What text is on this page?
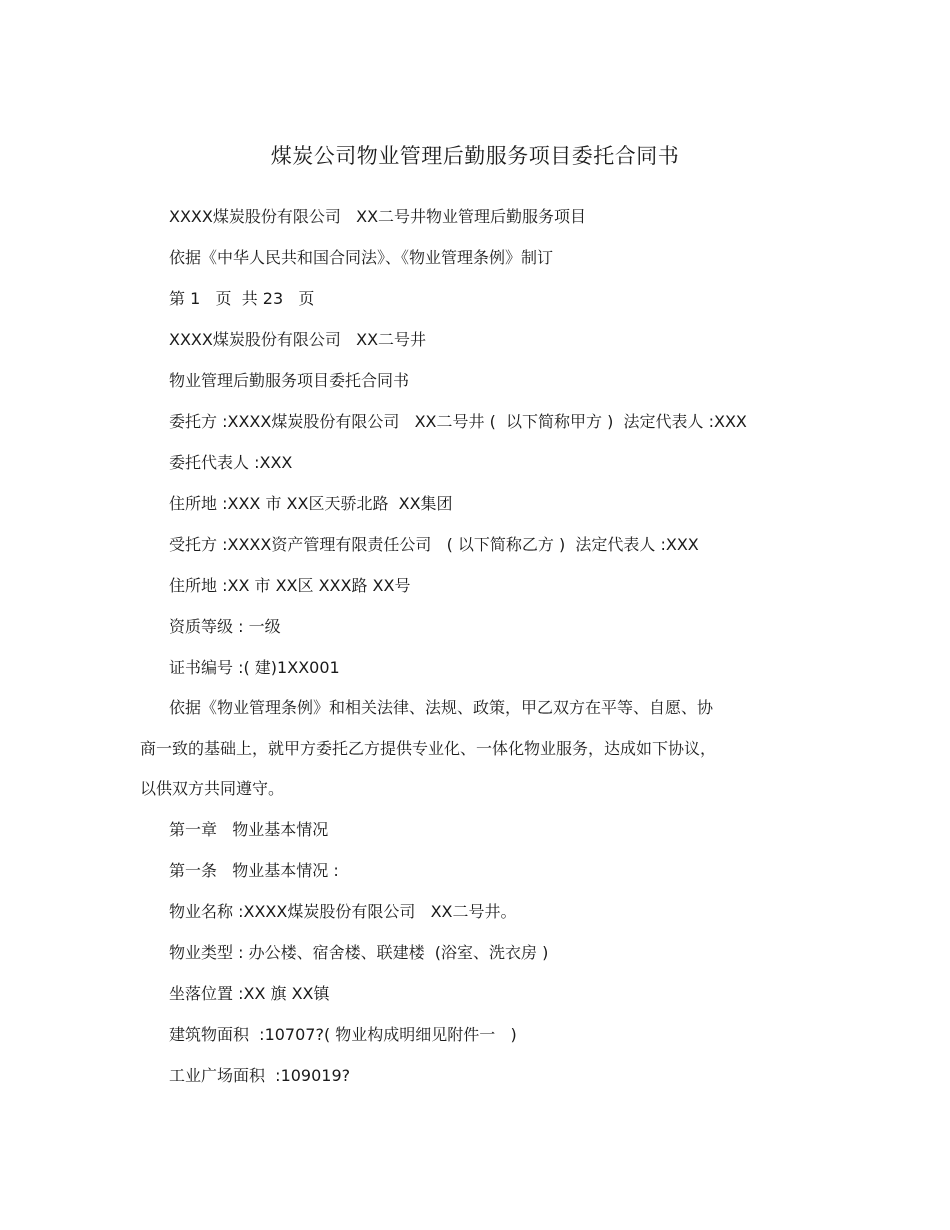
煤炭公司物业管理后勤服务项目委托合同书
XXXX煤炭股份有限公司   XX二号井物业管理后勤服务项目
依据《中华人民共和国合同法》、《物业管理条例》制订
第 1   页  共 23   页
XXXX煤炭股份有限公司   XX二号井
物业管理后勤服务项目委托合同书
委托方 :XXXX煤炭股份有限公司   XX二号井 (  以下简称甲方 )  法定代表人 :XXX
委托代表人 :XXX
住所地 :XXX 市 XX区天骄北路  XX集团
受托方 :XXXX资产管理有限责任公司   ( 以下简称乙方 )  法定代表人 :XXX
住所地 :XX 市 XX区 XXX路 XX号
资质等级 : 一级
证书编号 :( 建)1XX001
依据《物业管理条例》和相关法律、法规、政策，甲乙双方在平等、自愿、协
商一致的基础上，就甲方委托乙方提供专业化、一体化物业服务，达成如下协议，
以供双方共同遵守。
第一章   物业基本情况
第一条   物业基本情况 :
物业名称 :XXXX煤炭股份有限公司   XX二号井。
物业类型 : 办公楼、宿舍楼、联建楼  (浴室、洗衣房 )
坐落位置 :XX 旗 XX镇
建筑物面积  :10707?( 物业构成明细见附件一   )
工业广场面积  :109019?
